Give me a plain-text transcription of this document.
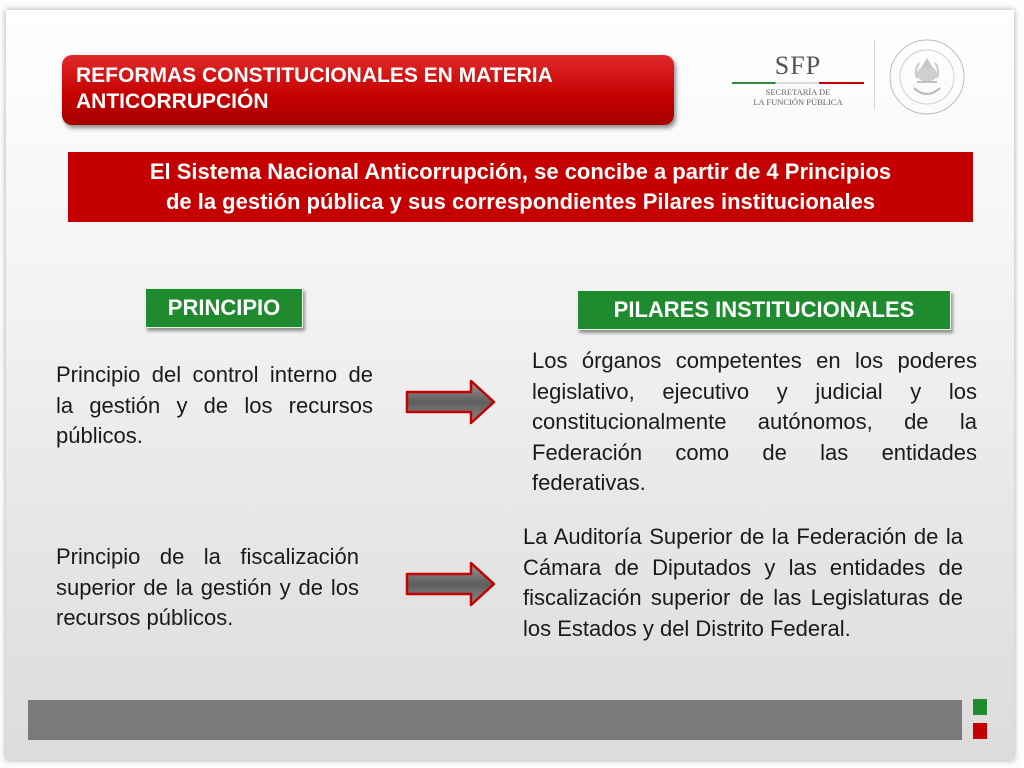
REFORMAS CONSTITUCIONALES EN MATERIA
ANTICORRUPCIÓN
SFP
SECRETARÍA DE
LA FUNCIÓN PÚBLICA
El Sistema Nacional Anticorrupción, se concibe a partir de 4 Principios
de la gestión pública y sus correspondientes Pilares institucionales
PRINCIPIO	PILARES INSTITUCIONALES
Principio del control interno de la gestión y de los recursos públicos.
Los órganos competentes en los poderes legislativo, ejecutivo y judicial y los constitucionalmente autónomos, de la Federación como de las entidades federativas.
Principio de la fiscalización superior de la gestión y de los recursos públicos.
La Auditoría Superior de la Federación de la Cámara de Diputados y las entidades de fiscalización superior de las Legislaturas de los Estados y del Distrito Federal.
